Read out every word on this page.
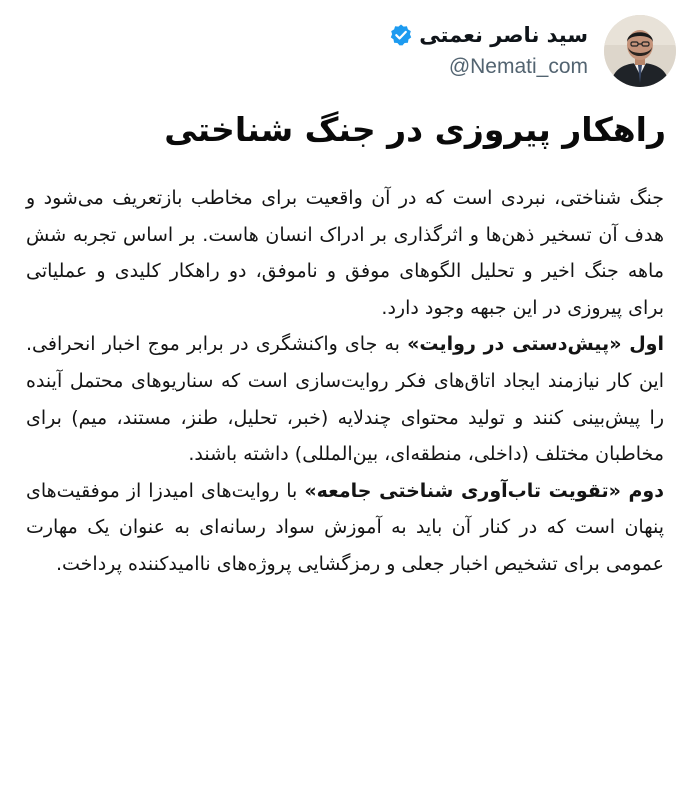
سید ناصر نعمتی
@Nemati_com
راهکار پیروزی در جنگ شناختی

جنگ شناختی، نبردی است که در آن واقعیت برای مخاطب بازتعریف می‌شود و هدف آن تسخیر ذهن‌ها و اثرگذاری بر ادراک انسان هاست. بر اساس تجربه شش ماهه جنگ اخیر و تحلیل الگوهای موفق و ناموفق، دو راهکار کلیدی و عملیاتی برای پیروزی در این جبهه وجود دارد.

اول «پیش‌دستی در روایت» به جای واکنشگری در برابر موج اخبار انحرافی. این کار نیازمند ایجاد اتاق‌های فکر روایت‌سازی است که سناریوهای محتمل آینده را پیش‌بینی کنند و تولید محتوای چندلایه (خبر، تحلیل، طنز، مستند، میم) برای مخاطبان مختلف (داخلی، منطقه‌ای، بین‌المللی) داشته باشند.

دوم «تقویت تاب‌آوری شناختی جامعه» با روایت‌های امیدزا از موفقیت‌های پنهان است که در کنار آن باید به آموزش سواد رسانه‌ای به عنوان یک مهارت عمومی برای تشخیص اخبار جعلی و رمزگشایی پروژه‌های ناامیدکننده پرداخت.
